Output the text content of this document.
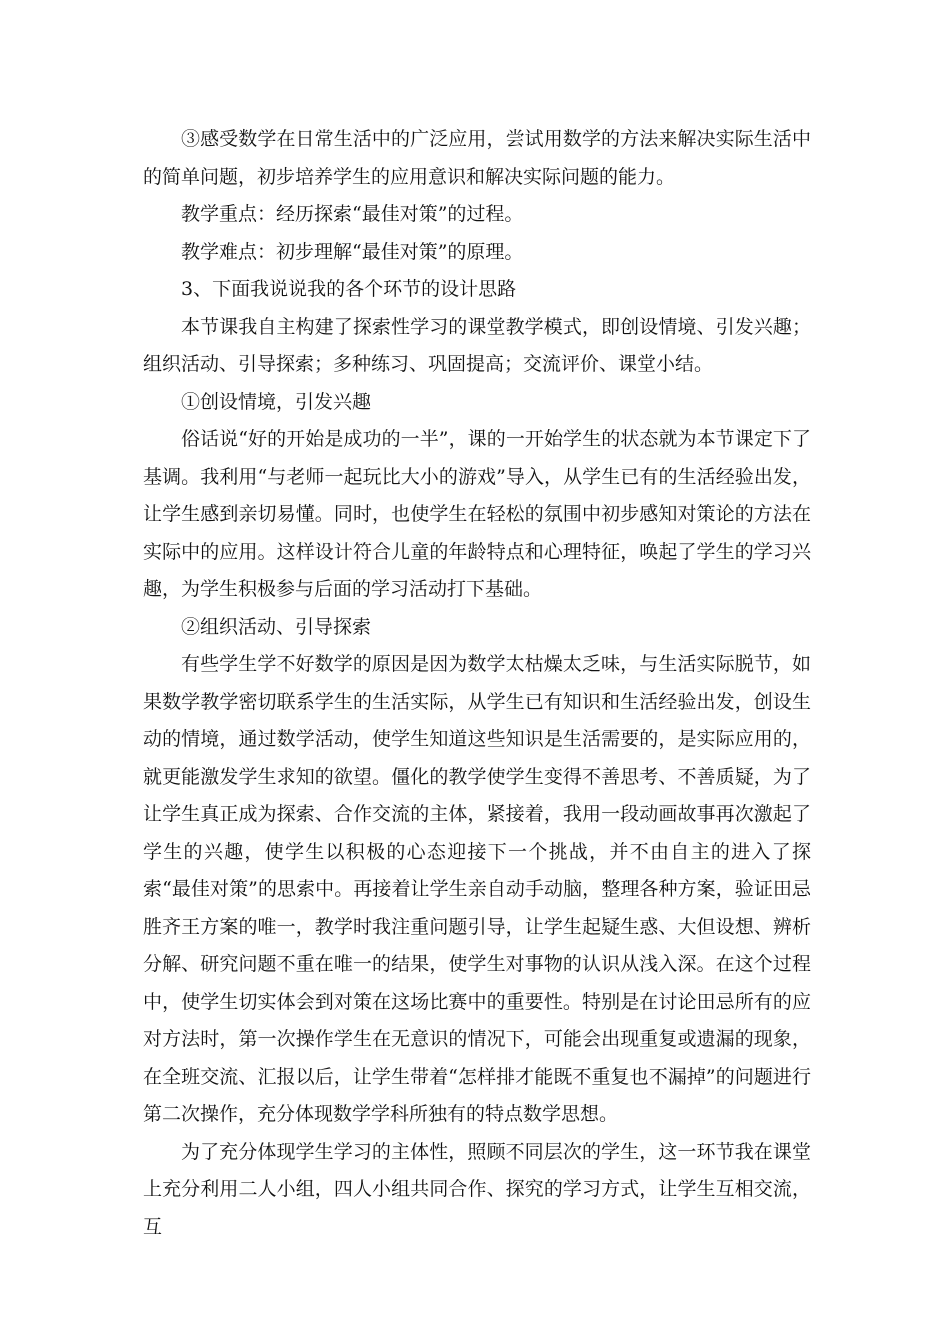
③感受数学在日常生活中的广泛应用，尝试用数学的方法来解决实际生活中的简单问题，初步培养学生的应用意识和解决实际问题的能力。

教学重点：经历探索“最佳对策”的过程。

教学难点：初步理解“最佳对策”的原理。

3、下面我说说我的各个环节的设计思路

本节课我自主构建了探索性学习的课堂教学模式，即创设情境、引发兴趣；组织活动、引导探索；多种练习、巩固提高；交流评价、课堂小结。

①创设情境，引发兴趣

俗话说“好的开始是成功的一半”，课的一开始学生的状态就为本节课定下了基调。我利用“与老师一起玩比大小的游戏”导入，从学生已有的生活经验出发，让学生感到亲切易懂。同时，也使学生在轻松的氛围中初步感知对策论的方法在实际中的应用。这样设计符合儿童的年龄特点和心理特征，唤起了学生的学习兴趣，为学生积极参与后面的学习活动打下基础。

②组织活动、引导探索

有些学生学不好数学的原因是因为数学太枯燥太乏味，与生活实际脱节，如果数学教学密切联系学生的生活实际，从学生已有知识和生活经验出发，创设生动的情境，通过数学活动，使学生知道这些知识是生活需要的，是实际应用的，就更能激发学生求知的欲望。僵化的教学使学生变得不善思考、不善质疑，为了让学生真正成为探索、合作交流的主体，紧接着，我用一段动画故事再次激起了学生的兴趣，使学生以积极的心态迎接下一个挑战，并不由自主的进入了探索“最佳对策”的思索中。再接着让学生亲自动手动脑，整理各种方案，验证田忌胜齐王方案的唯一，教学时我注重问题引导，让学生起疑生惑、大但设想、辨析分解、研究问题不重在唯一的结果，使学生对事物的认识从浅入深。在这个过程中，使学生切实体会到对策在这场比赛中的重要性。特别是在讨论田忌所有的应对方法时，第一次操作学生在无意识的情况下，可能会出现重复或遗漏的现象，在全班交流、汇报以后，让学生带着“怎样排才能既不重复也不漏掉”的问题进行第二次操作，充分体现数学学科所独有的特点数学思想。

为了充分体现学生学习的主体性，照顾不同层次的学生，这一环节我在课堂上充分利用二人小组，四人小组共同合作、探究的学习方式，让学生互相交流，互
